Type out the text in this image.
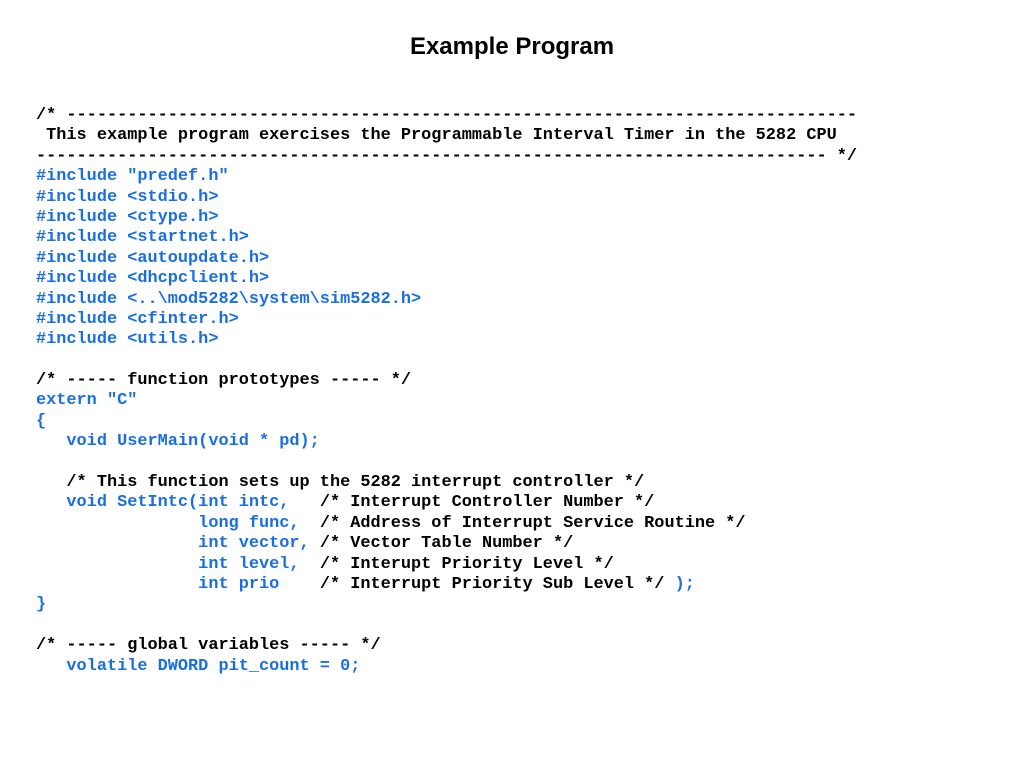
Example Program
/* ------------------------------------------------------------------------------
This example program exercises the Programmable Interval Timer in the 5282 CPU
------------------------------------------------------------------------------ */
#include "predef.h"
#include <stdio.h>
#include <ctype.h>
#include <startnet.h>
#include <autoupdate.h>
#include <dhcpclient.h>
#include <..\mod5282\system\sim5282.h>
#include <cfinter.h>
#include <utils.h>
/* ----- function prototypes ----- */
extern "C"
{
void UserMain(void * pd);
/* This function sets up the 5282 interrupt controller */
void SetIntc(int intc,   /* Interrupt Controller Number */
long func,  /* Address of Interrupt Service Routine */
int vector, /* Vector Table Number */
int level,  /* Interupt Priority Level */
int prio    /* Interrupt Priority Sub Level */ );
}
/* ----- global variables ----- */
volatile DWORD pit_count = 0;
